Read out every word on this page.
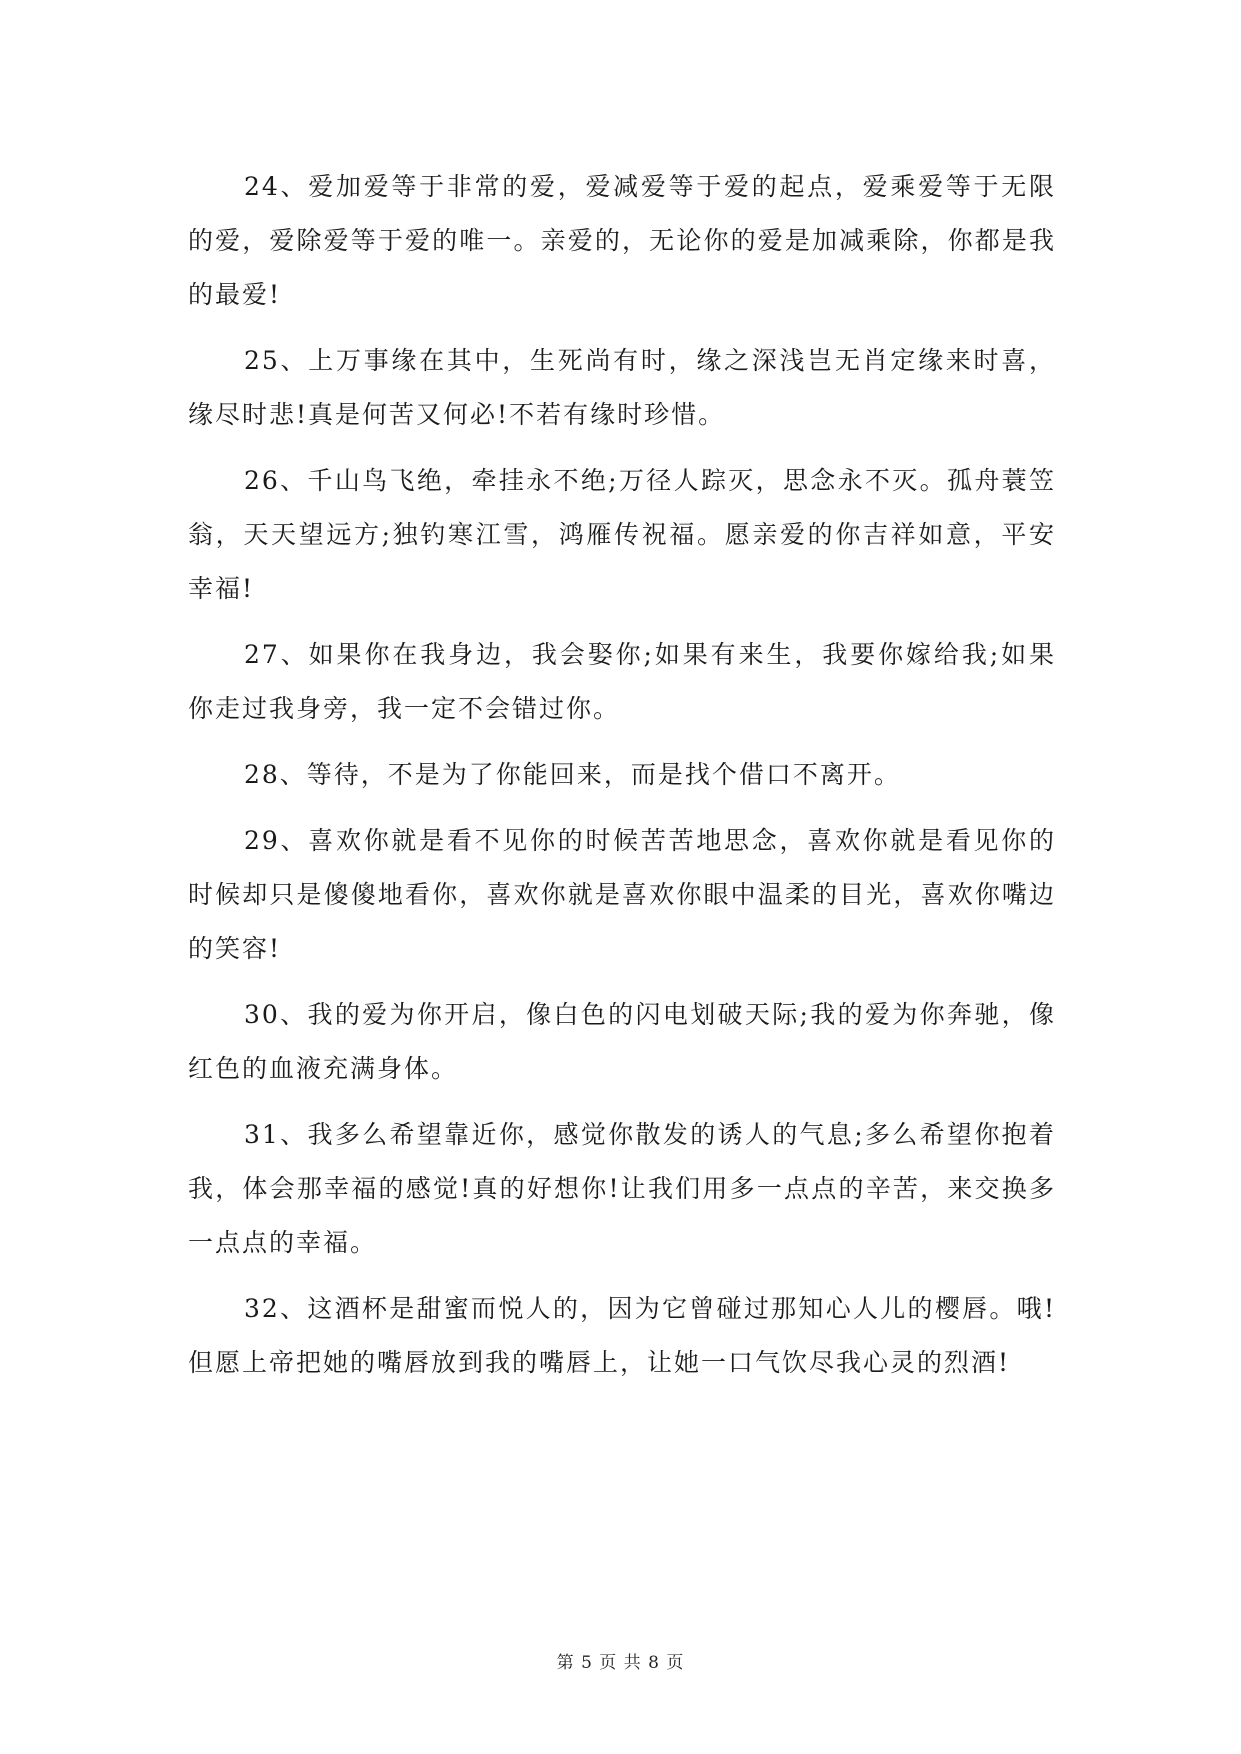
24、爱加爱等于非常的爱，爱减爱等于爱的起点，爱乘爱等于无限的爱，爱除爱等于爱的唯一。亲爱的，无论你的爱是加减乘除，你都是我的最爱!

25、上万事缘在其中，生死尚有时，缘之深浅岂无肖定缘来时喜，缘尽时悲!真是何苦又何必!不若有缘时珍惜。

26、千山鸟飞绝，牵挂永不绝;万径人踪灭，思念永不灭。孤舟蓑笠翁，天天望远方;独钓寒江雪，鸿雁传祝福。愿亲爱的你吉祥如意，平安幸福!

27、如果你在我身边，我会娶你;如果有来生，我要你嫁给我;如果你走过我身旁，我一定不会错过你。

28、等待，不是为了你能回来，而是找个借口不离开。

29、喜欢你就是看不见你的时候苦苦地思念，喜欢你就是看见你的时候却只是傻傻地看你，喜欢你就是喜欢你眼中温柔的目光，喜欢你嘴边的笑容!

30、我的爱为你开启，像白色的闪电划破天际;我的爱为你奔驰，像红色的血液充满身体。

31、我多么希望靠近你，感觉你散发的诱人的气息;多么希望你抱着我，体会那幸福的感觉!真的好想你!让我们用多一点点的辛苦，来交换多一点点的幸福。

32、这酒杯是甜蜜而悦人的，因为它曾碰过那知心人儿的樱唇。哦!但愿上帝把她的嘴唇放到我的嘴唇上，让她一口气饮尽我心灵的烈酒!

第 5 页 共 8 页
